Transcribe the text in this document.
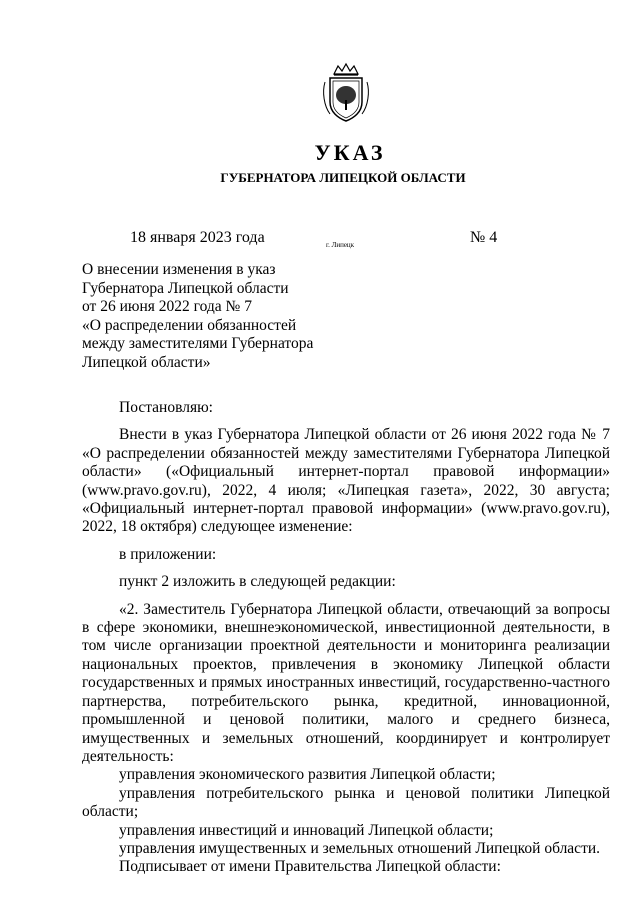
УКАЗ
ГУБЕРНАТОРА ЛИПЕЦКОЙ ОБЛАСТИ
18 января 2023 года	г. Липецк	№ 4
О внесении изменения в указ
Губернатора Липецкой области
от 26 июня 2022 года № 7
«О распределении обязанностей
между заместителями Губернатора
Липецкой области»

Постановляю:

Внести в указ Губернатора Липецкой области от 26 июня 2022 года № 7 «О распределении обязанностей между заместителями Губернатора Липецкой области» («Официальный интернет-портал правовой информации» (www.pravo.gov.ru), 2022, 4 июля; «Липецкая газета», 2022, 30 августа; «Официальный интернет-портал правовой информации» (www.pravo.gov.ru), 2022, 18 октября) следующее изменение:

в приложении:

пункт 2 изложить в следующей редакции:

«2. Заместитель Губернатора Липецкой области, отвечающий за вопросы в сфере экономики, внешнеэкономической, инвестиционной деятельности, в том числе организации проектной деятельности и мониторинга реализации национальных проектов, привлечения в экономику Липецкой области государственных и прямых иностранных инвестиций, государственно-частного партнерства, потребительского рынка, кредитной, инновационной, промышленной и ценовой политики, малого и среднего бизнеса, имущественных и земельных отношений, координирует и контролирует деятельность:

управления экономического развития Липецкой области;

управления потребительского рынка и ценовой политики Липецкой области;

управления инвестиций и инноваций Липецкой области;

управления имущественных и земельных отношений Липецкой области.

Подписывает от имени Правительства Липецкой области:
